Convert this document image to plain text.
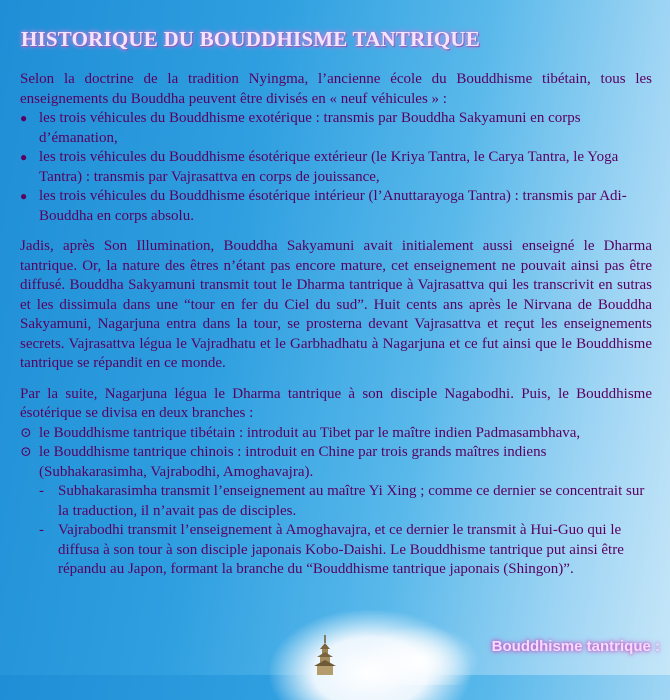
HISTORIQUE DU BOUDDHISME TANTRIQUE

Selon la doctrine de la tradition Nyingma, l’ancienne école du Bouddhisme tibétain, tous les enseignements du Bouddha peuvent être divisés en « neuf véhicules » :

● les trois véhicules du Bouddhisme exotérique : transmis par Bouddha Sakyamuni en corps d’émanation,
● les trois véhicules du Bouddhisme ésotérique extérieur (le Kriya Tantra, le Carya Tantra, le Yoga Tantra) : transmis par Vajrasattva en corps de jouissance,
● les trois véhicules du Bouddhisme ésotérique intérieur (l’Anuttarayoga Tantra) : transmis par Adi-Bouddha en corps absolu.

Jadis, après Son Illumination, Bouddha Sakyamuni avait initialement aussi enseigné le Dharma tantrique. Or, la nature des êtres n’étant pas encore mature, cet enseignement ne pouvait ainsi pas être diffusé. Bouddha Sakyamuni transmit tout le Dharma tantrique à Vajrasattva qui les transcrivit en sutras et les dissimula dans une “tour en fer du Ciel du sud”. Huit cents ans après le Nirvana de Bouddha Sakyamuni, Nagarjuna entra dans la tour, se prosterna devant Vajrasattva et reçut les enseignements secrets. Vajrasattva légua le Vajradhatu et le Garbhadhatu à Nagarjuna et ce fut ainsi que le Bouddhisme tantrique se répandit en ce monde.

Par la suite, Nagarjuna légua le Dharma tantrique à son disciple Nagabodhi. Puis, le Bouddhisme ésotérique se divisa en deux branches :

⊙ le Bouddhisme tantrique tibétain : introduit au Tibet par le maître indien Padmasambhava,
⊙ le Bouddhisme tantrique chinois : introduit en Chine par trois grands maîtres indiens (Subhakarasimha, Vajrabodhi, Amoghavajra).
- Subhakarasimha transmit l’enseignement au maître Yi Xing ; comme ce dernier se concentrait sur la traduction, il n’avait pas de disciples.
- Vajrabodhi transmit l’enseignement à Amoghavajra, et ce dernier le transmit à Hui-Guo qui le diffusa à son tour à son disciple japonais Kobo-Daishi. Le Bouddhisme tantrique put ainsi être répandu au Japon, formant la branche du “Bouddhisme tantrique japonais (Shingon)”.
Bouddhisme tantrique :
